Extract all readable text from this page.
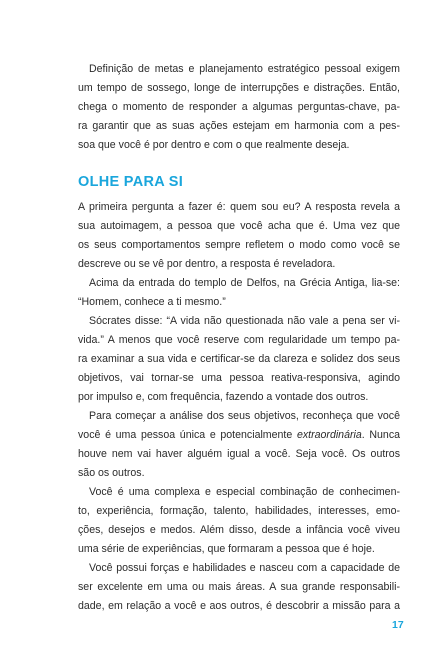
Definição de metas e planejamento estratégico pessoal exigem
um tempo de sossego, longe de interrupções e distrações. Então,
chega o momento de responder a algumas perguntas-chave, pa-
ra garantir que as suas ações estejam em harmonia com a pes-
soa que você é por dentro e com o que realmente deseja.
OLHE PARA SI
A primeira pergunta a fazer é: quem sou eu? A resposta revela a
sua autoimagem, a pessoa que você acha que é. Uma vez que
os seus comportamentos sempre refletem o modo como você se
descreve ou se vê por dentro, a resposta é reveladora.
Acima da entrada do templo de Delfos, na Grécia Antiga, lia-se:
“Homem, conhece a ti mesmo.”
Sócrates disse: “A vida não questionada não vale a pena ser vi-
vida.” A menos que você reserve com regularidade um tempo pa-
ra examinar a sua vida e certificar-se da clareza e solidez dos seus
objetivos, vai tornar-se uma pessoa reativa-responsiva, agindo
por impulso e, com frequência, fazendo a vontade dos outros.
Para começar a análise dos seus objetivos, reconheça que você
você é uma pessoa única e potencialmente extraordinária. Nunca
houve nem vai haver alguém igual a você. Seja você. Os outros
são os outros.
Você é uma complexa e especial combinação de conhecimen-
to, experiência, formação, talento, habilidades, interesses, emo-
ções, desejos e medos. Além disso, desde a infância você viveu
uma série de experiências, que formaram a pessoa que é hoje.
Você possui forças e habilidades e nasceu com a capacidade de
ser excelente em uma ou mais áreas. A sua grande responsabili-
dade, em relação a você e aos outros, é descobrir a missão para a
17
